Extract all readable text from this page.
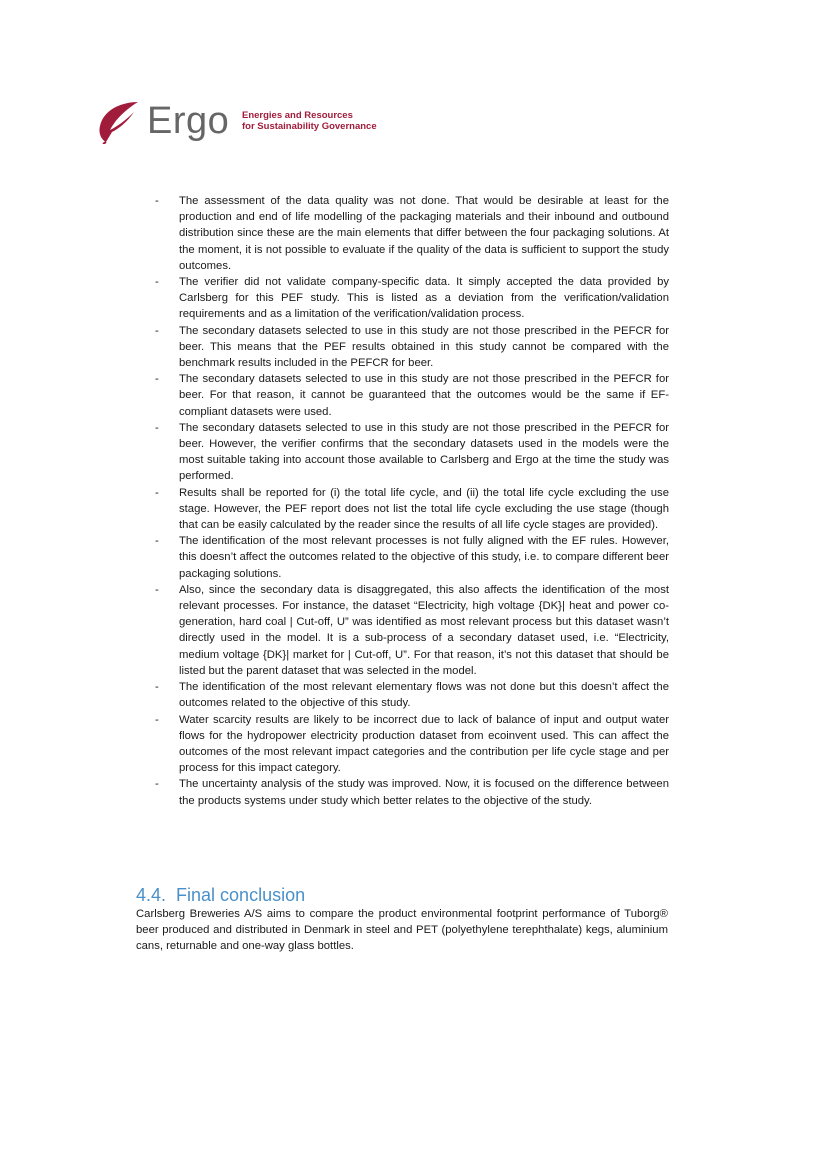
Ergo Energies and Resources
for Sustainability Governance
-	The assessment of the data quality was not done. That would be desirable at least for the production and end of life modelling of the packaging materials and their inbound and outbound distribution since these are the main elements that differ between the four packaging solutions. At the moment, it is not possible to evaluate if the quality of the data is sufficient to support the study outcomes.
-	The verifier did not validate company-specific data. It simply accepted the data provided by Carlsberg for this PEF study. This is listed as a deviation from the verification/validation requirements and as a limitation of the verification/validation process.
-	The secondary datasets selected to use in this study are not those prescribed in the PEFCR for beer. This means that the PEF results obtained in this study cannot be compared with the benchmark results included in the PEFCR for beer.
-	The secondary datasets selected to use in this study are not those prescribed in the PEFCR for beer. For that reason, it cannot be guaranteed that the outcomes would be the same if EF-compliant datasets were used.
-	The secondary datasets selected to use in this study are not those prescribed in the PEFCR for beer. However, the verifier confirms that the secondary datasets used in the models were the most suitable taking into account those available to Carlsberg and Ergo at the time the study was performed.
-	Results shall be reported for (i) the total life cycle, and (ii) the total life cycle excluding the use stage. However, the PEF report does not list the total life cycle excluding the use stage (though that can be easily calculated by the reader since the results of all life cycle stages are provided).
-	The identification of the most relevant processes is not fully aligned with the EF rules. However, this doesn’t affect the outcomes related to the objective of this study, i.e. to compare different beer packaging solutions.
-	Also, since the secondary data is disaggregated, this also affects the identification of the most relevant processes. For instance, the dataset “Electricity, high voltage {DK}| heat and power co-generation, hard coal | Cut-off, U” was identified as most relevant process but this dataset wasn’t directly used in the model. It is a sub-process of a secondary dataset used, i.e. “Electricity, medium voltage {DK}| market for | Cut-off, U”. For that reason, it’s not this dataset that should be listed but the parent dataset that was selected in the model.
-	The identification of the most relevant elementary flows was not done but this doesn’t affect the outcomes related to the objective of this study.
-	Water scarcity results are likely to be incorrect due to lack of balance of input and output water flows for the hydropower electricity production dataset from ecoinvent used. This can affect the outcomes of the most relevant impact categories and the contribution per life cycle stage and per process for this impact category.
-	The uncertainty analysis of the study was improved. Now, it is focused on the difference between the products systems under study which better relates to the objective of the study.
4.4. Final conclusion

Carlsberg Breweries A/S aims to compare the product environmental footprint performance of Tuborg® beer produced and distributed in Denmark in steel and PET (polyethylene terephthalate) kegs, aluminium cans, returnable and one-way glass bottles.
